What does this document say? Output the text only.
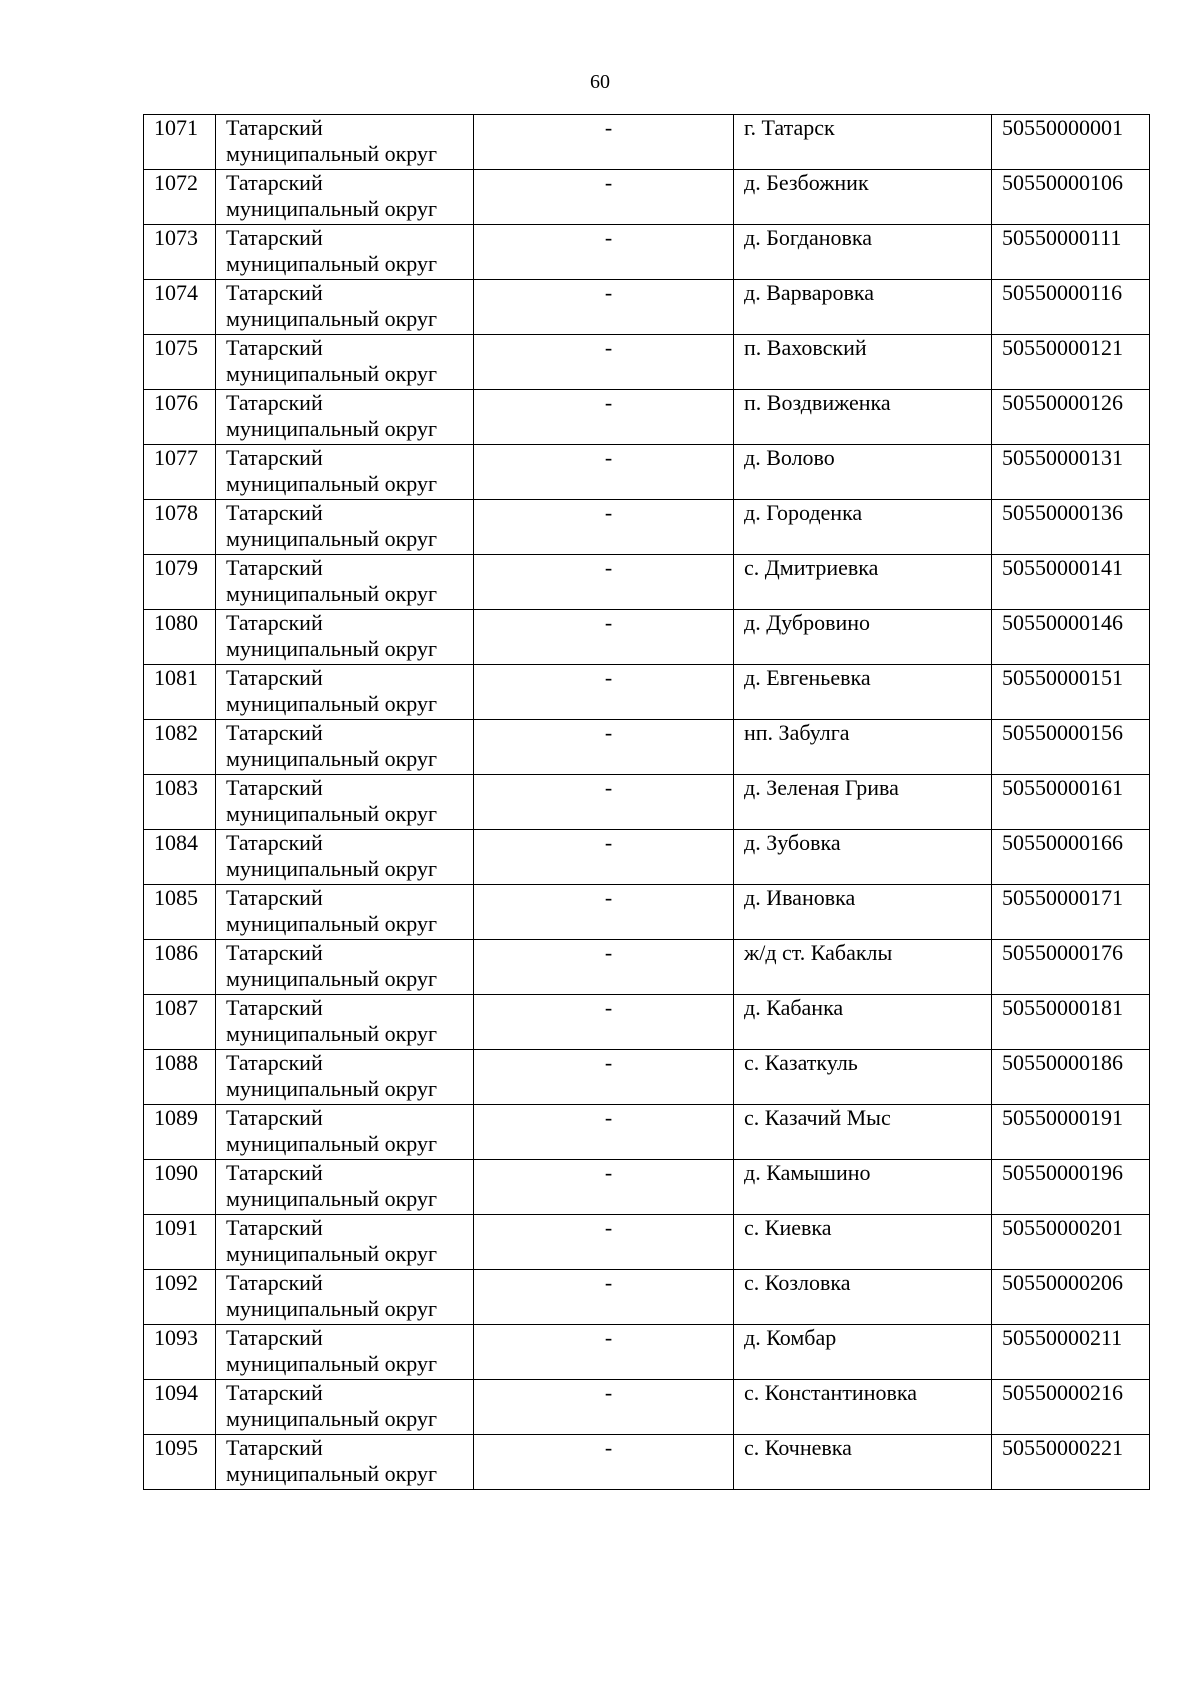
60
1071	Татарский
муниципальный округ	-	г. Татарск	50550000001

1072	Татарский
муниципальный округ	-	д. Безбожник	50550000106

1073	Татарский
муниципальный округ	-	д. Богдановка	50550000111

1074	Татарский
муниципальный округ	-	д. Варваровка	50550000116

1075	Татарский
муниципальный округ	-	п. Ваховский	50550000121

1076	Татарский
муниципальный округ	-	п. Воздвиженка	50550000126

1077	Татарский
муниципальный округ	-	д. Волово	50550000131

1078	Татарский
муниципальный округ	-	д. Городенка	50550000136

1079	Татарский
муниципальный округ	-	с. Дмитриевка	50550000141

1080	Татарский
муниципальный округ	-	д. Дубровино	50550000146

1081	Татарский
муниципальный округ	-	д. Евгеньевка	50550000151

1082	Татарский
муниципальный округ	-	нп. Забулга	50550000156

1083	Татарский
муниципальный округ	-	д. Зеленая Грива	50550000161

1084	Татарский
муниципальный округ	-	д. Зубовка	50550000166

1085	Татарский
муниципальный округ	-	д. Ивановка	50550000171

1086	Татарский
муниципальный округ	-	ж/д ст. Кабаклы	50550000176

1087	Татарский
муниципальный округ	-	д. Кабанка	50550000181

1088	Татарский
муниципальный округ	-	с. Казаткуль	50550000186

1089	Татарский
муниципальный округ	-	с. Казачий Мыс	50550000191

1090	Татарский
муниципальный округ	-	д. Камышино	50550000196

1091	Татарский
муниципальный округ	-	с. Киевка	50550000201

1092	Татарский
муниципальный округ	-	с. Козловка	50550000206

1093	Татарский
муниципальный округ	-	д. Комбар	50550000211

1094	Татарский
муниципальный округ	-	с. Константиновка	50550000216

1095	Татарский
муниципальный округ	-	с. Кочневка	50550000221
